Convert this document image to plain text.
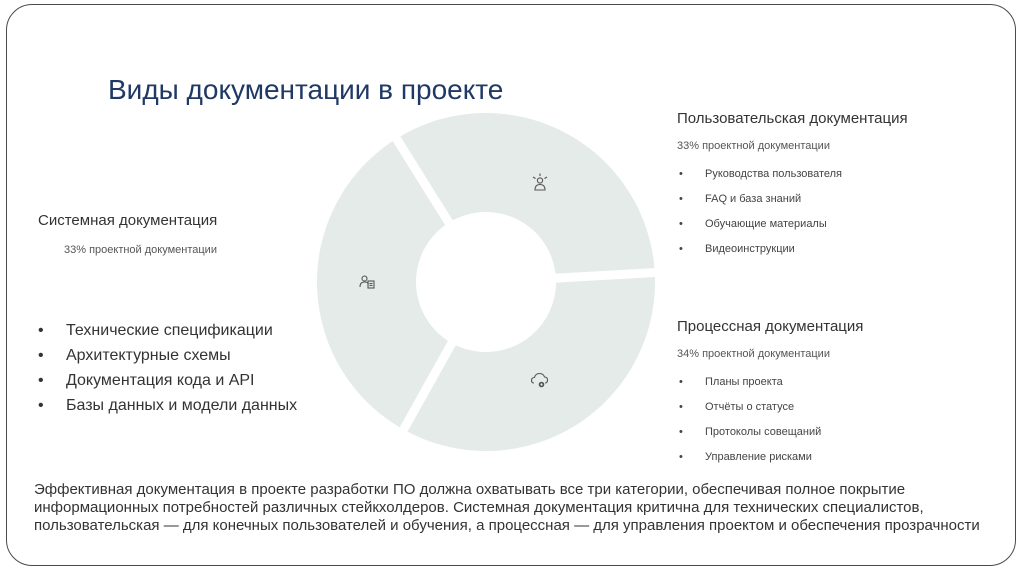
Виды документации в проекте
Системная документация

33% проектной документации

• Технические спецификации
• Архитектурные схемы
• Документация кода и API
• Базы данных и модели данных
Пользовательская документация

33% проектной документации

• Руководства пользователя
• FAQ и база знаний
• Обучающие материалы
• Видеоинструкции
Процессная документация

34% проектной документации

• Планы проекта
• Отчёты о статусе
• Протоколы совещаний
• Управление рисками

Эффективная документация в проекте разработки ПО должна охватывать все три категории, обеспечивая полное покрытие информационных потребностей различных стейкхолдеров. Системная документация критична для технических специалистов, пользовательская — для конечных пользователей и обучения, а процессная — для управления проектом и обеспечения прозрачности
